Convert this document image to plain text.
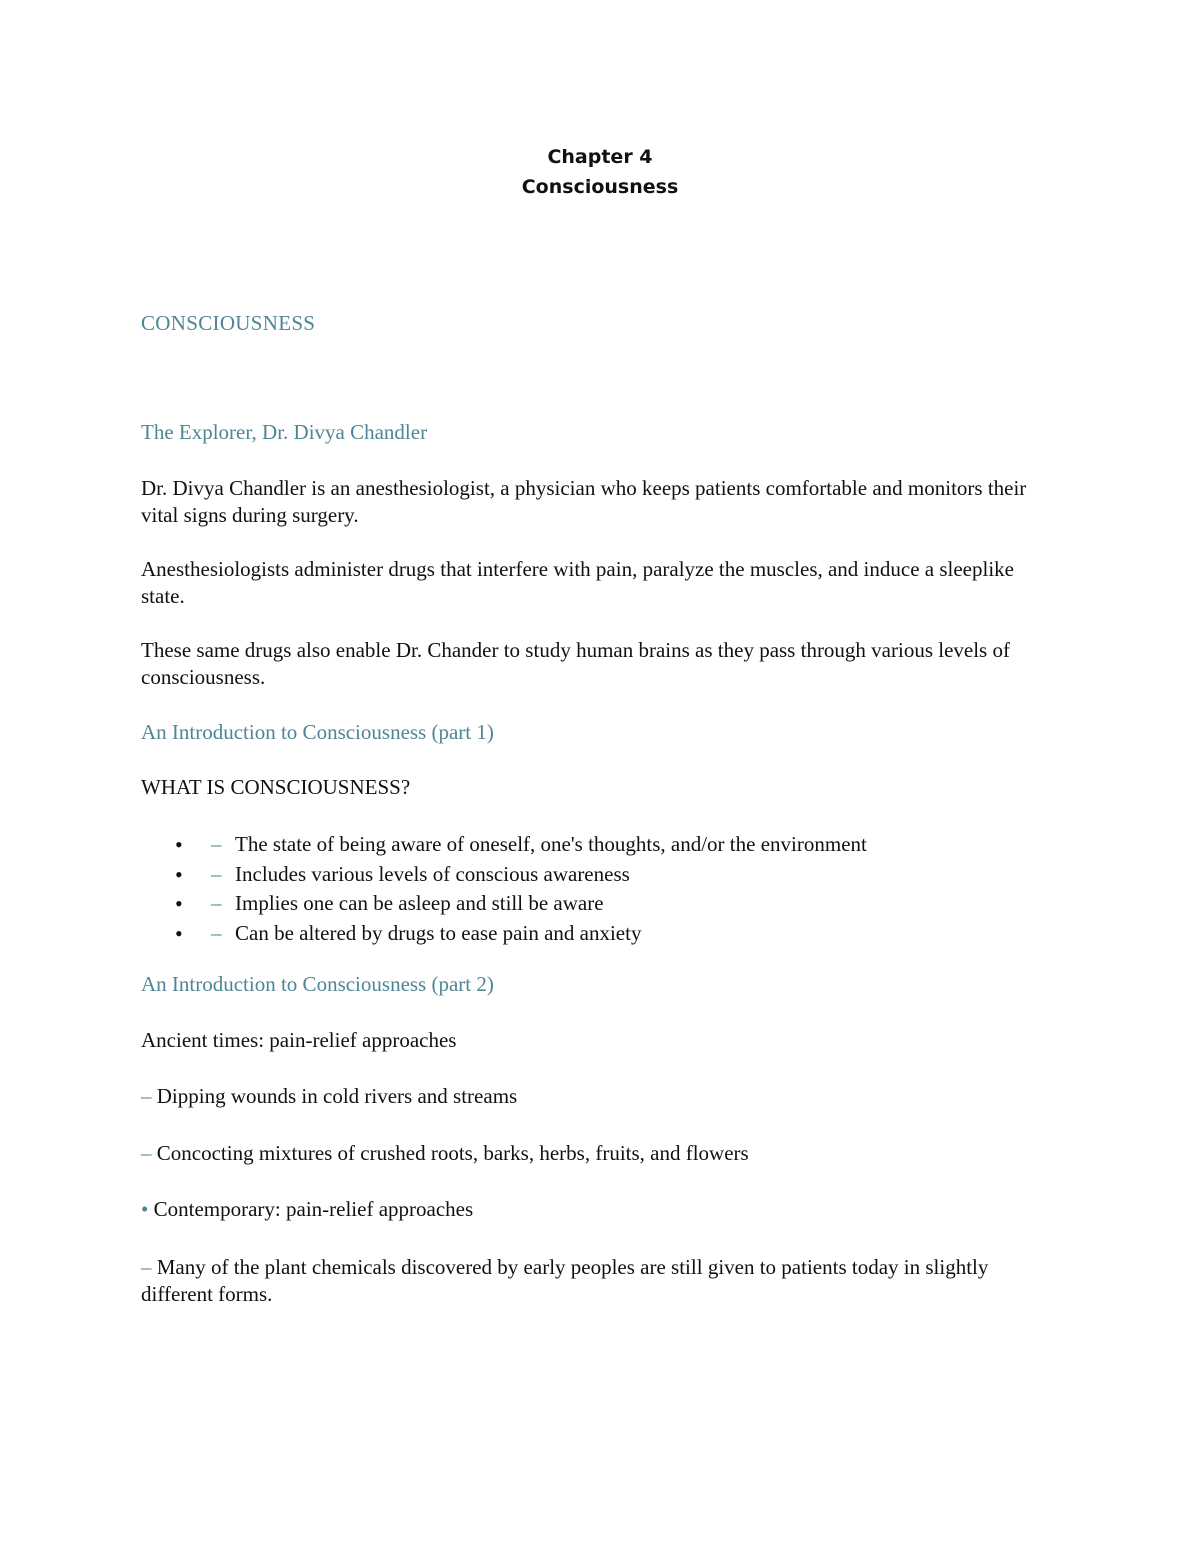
Chapter 4
Consciousness
CONSCIOUSNESS
The Explorer, Dr. Divya Chandler
Dr. Divya Chandler is an anesthesiologist, a physician who keeps patients comfortable and monitors their vital signs during surgery.
Anesthesiologists administer drugs that interfere with pain, paralyze the muscles, and induce a sleeplike state.
These same drugs also enable Dr. Chander to study human brains as they pass through various levels of consciousness.
An Introduction to Consciousness (part 1)
WHAT IS CONSCIOUSNESS?
• – The state of being aware of oneself, one's thoughts, and/or the environment
• – Includes various levels of conscious awareness
• – Implies one can be asleep and still be aware
• – Can be altered by drugs to ease pain and anxiety
An Introduction to Consciousness (part 2)
Ancient times: pain-relief approaches
– Dipping wounds in cold rivers and streams
– Concocting mixtures of crushed roots, barks, herbs, fruits, and flowers
• Contemporary: pain-relief approaches
– Many of the plant chemicals discovered by early peoples are still given to patients today in slightly different forms.
